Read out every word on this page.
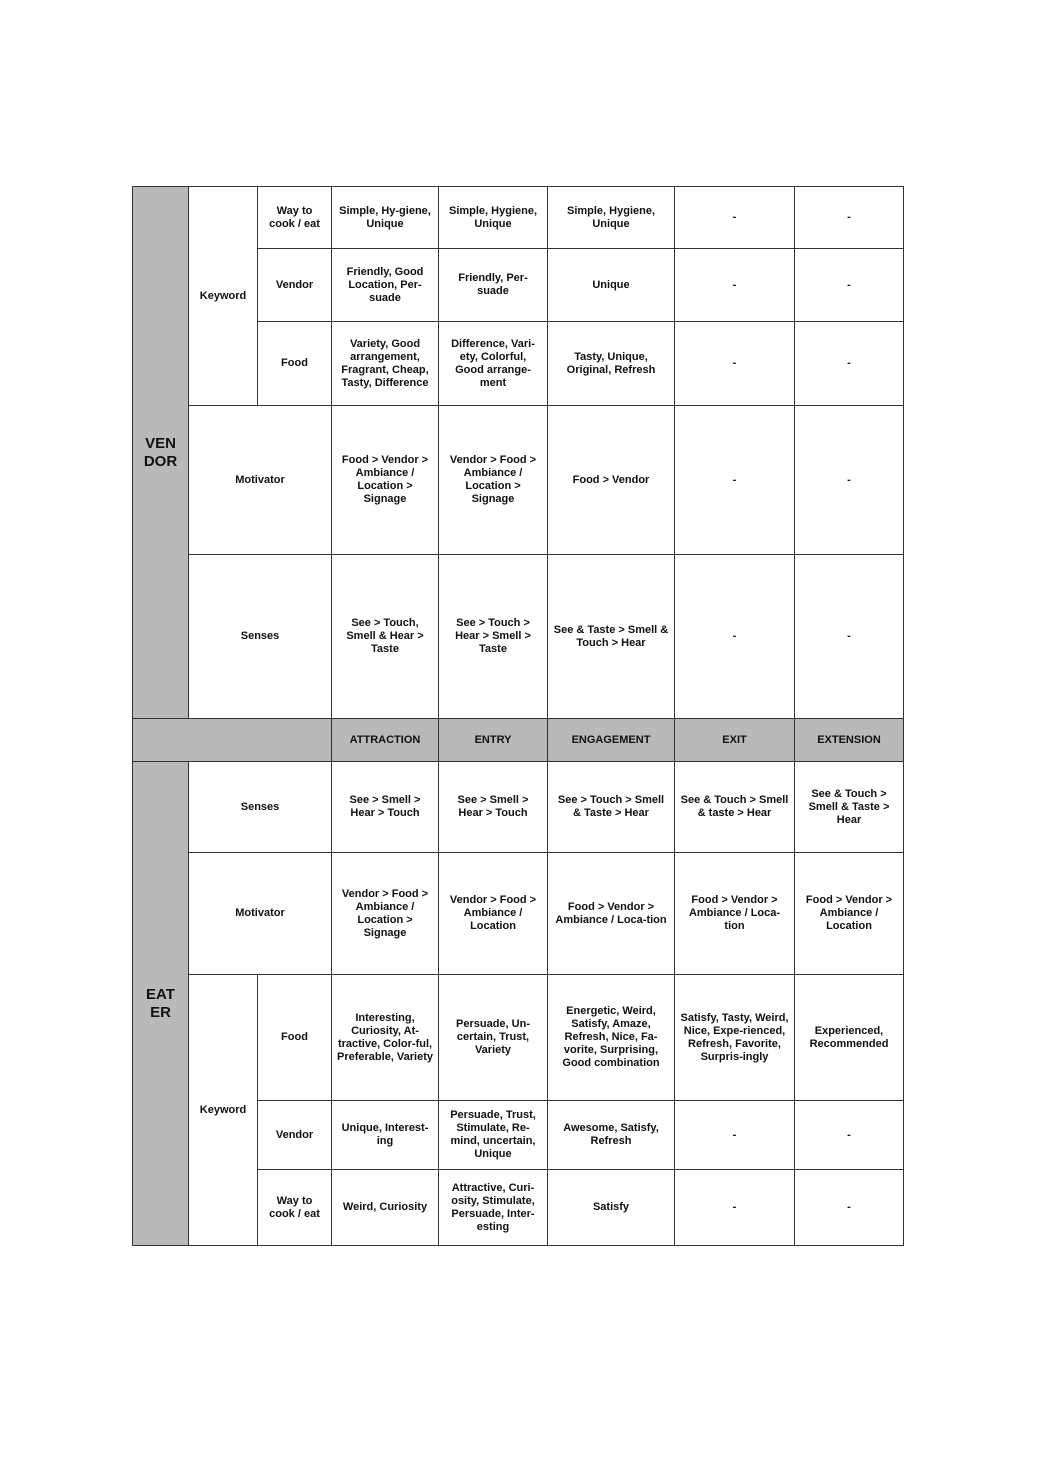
VENDOR	Keyword	Way to cook / eat	Simple, Hy-giene, Unique	Simple, Hygiene, Unique	Simple, Hygiene, Unique	-	-
		Vendor	Friendly, Good Location, Per-suade	Friendly, Per-suade	Unique	-	-
		Food	Variety, Good arrangement, Fragrant, Cheap, Tasty, Difference	Difference, Vari-ety, Colorful, Good arrange-ment	Tasty, Unique, Original, Refresh	-	-
	Motivator		Food > Vendor > Ambiance / Location > Signage	Vendor > Food > Ambiance / Location > Signage	Food > Vendor	-	-
	Senses		See > Touch, Smell & Hear > Taste	See > Touch > Hear > Smell > Taste	See & Taste > Smell & Touch > Hear	-	-
			ATTRACTION	ENTRY	ENGAGEMENT	EXIT	EXTENSION
EATER	Senses		See > Smell > Hear > Touch	See > Smell > Hear > Touch	See > Touch > Smell & Taste > Hear	See & Touch > Smell & taste > Hear	See & Touch > Smell & Taste > Hear
	Motivator		Vendor > Food > Ambiance / Location > Signage	Vendor > Food > Ambiance / Location	Food > Vendor > Ambiance / Loca-tion	Food > Vendor > Ambiance / Loca-tion	Food > Vendor > Ambiance / Location
	Keyword	Food	Interesting, Curiosity, At-tractive, Color-ful, Preferable, Variety	Persuade, Un-certain, Trust, Variety	Energetic, Weird, Satisfy, Amaze, Refresh, Nice, Fa-vorite, Surprising, Good combination	Satisfy, Tasty, Weird, Nice, Expe-rienced, Refresh, Favorite, Surpris-ingly	Experienced, Recommended
		Vendor	Unique, Interest-ing	Persuade, Trust, Stimulate, Re-mind, uncertain, Unique	Awesome, Satisfy, Refresh	-	-
		Way to cook / eat	Weird, Curiosity	Attractive, Curi-osity, Stimulate, Persuade, Inter-esting	Satisfy	-	-
